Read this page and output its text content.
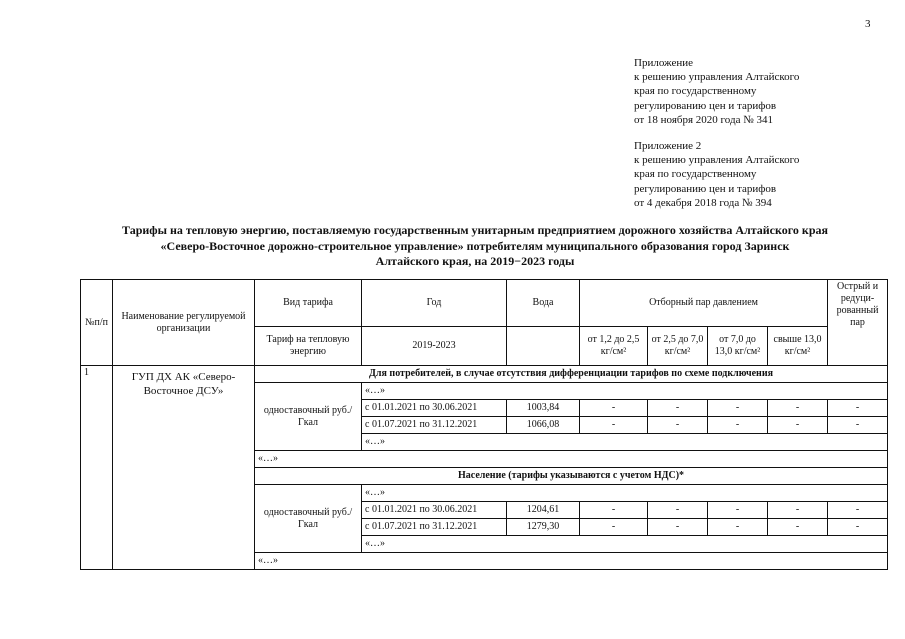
3
Приложение
к решению управления Алтайского
края по государственному
регулированию цен и тарифов
от 18 ноября 2020 года № 341
Приложение 2
к решению управления Алтайского
края по государственному
регулированию цен и тарифов
от 4 декабря 2018 года № 394
Тарифы на тепловую энергию, поставляемую государственным унитарным предприятием дорожного хозяйства Алтайского края
«Северо-Восточное дорожно-строительное управление» потребителям муниципального образования город Заринск
Алтайского края, на 2019−2023 годы
№п/п	Наименование регулируемой организации	Вид тарифа	Год	Вода	Отборный пар давлением				Острый и редуци-рованный пар
		Тариф на тепловую энергию	2019-2023		от 1,2 до 2,5 кг/см²	от 2,5 до 7,0 кг/см²	от 7,0 до 13,0 кг/см²	свыше 13,0 кг/см²	
1	ГУП ДХ АК «Северо-Восточное ДСУ»	Для потребителей, в случае отсутствия дифференциации тарифов по схеме подключения							
		одноставочный руб./Гкал	«…»						
			с 01.01.2021 по 30.06.2021	1003,84	-	-	-	-	-
			с 01.07.2021 по 31.12.2021	1066,08	-	-	-	-	-
			«…»						
		«…»							
		Население (тарифы указываются с учетом НДС)*							
		одноставочный руб./Гкал	«…»						
			с 01.01.2021 по 30.06.2021	1204,61	-	-	-	-	-
			с 01.07.2021 по 31.12.2021	1279,30	-	-	-	-	-
			«…»						
		«…»							
